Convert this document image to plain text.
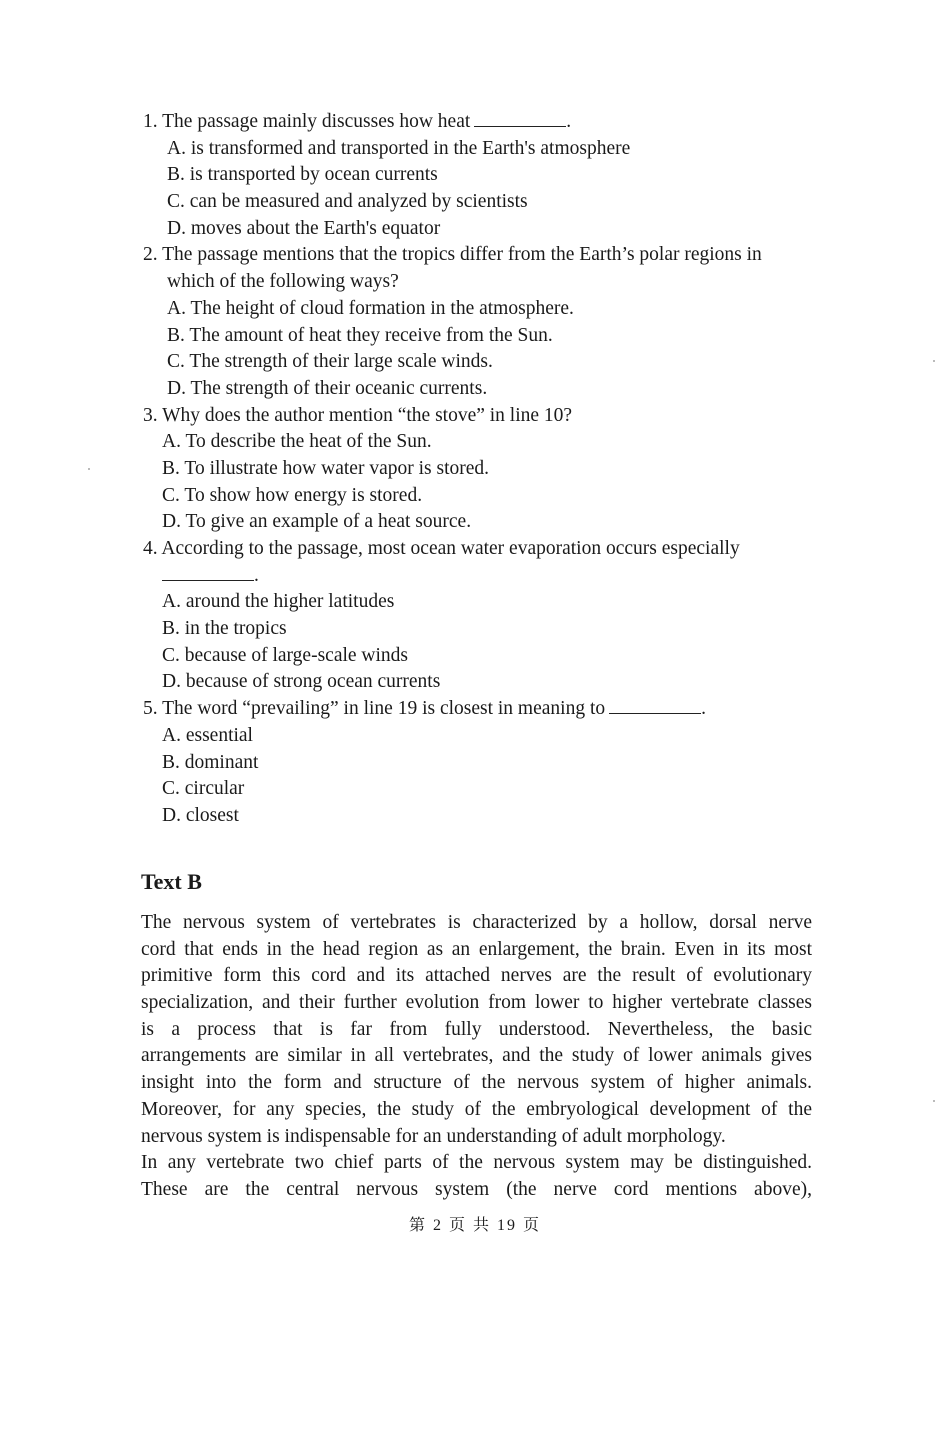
1. The passage mainly discusses how heat	.
A. is transformed and transported in the Earth's atmosphere
B. is transported by ocean currents
C. can be measured and analyzed by scientists
D. moves about the Earth's equator
2. The passage mentions that the tropics differ from the Earth’s polar regions in
which of the following ways?
A. The height of cloud formation in the atmosphere.
B. The amount of heat they receive from the Sun.
C. The strength of their large scale winds.
D. The strength of their oceanic currents.
3. Why does the author mention “the stove” in line 10?
A. To describe the heat of the Sun.
B. To illustrate how water vapor is stored.
C. To show how energy is stored.
D. To give an example of a heat source.
4. According to the passage, most ocean water evaporation occurs especially
.
A. around the higher latitudes
B. in the tropics
C. because of large-scale winds
D. because of strong ocean currents
5. The word “prevailing” in line 19 is closest in meaning to	.
A. essential
B. dominant
C. circular
D. closest
Text B
The nervous system of vertebrates is characterized by a hollow, dorsal nerve
cord that ends in the head region as an enlargement, the brain. Even in its most
primitive form this cord and its attached nerves are the result of evolutionary
specialization, and their further evolution from lower to higher vertebrate classes
is a process that is far from fully understood. Nevertheless, the basic
arrangements are similar in all vertebrates, and the study of lower animals gives
insight into the form and structure of the nervous system of higher animals.
Moreover, for any species, the study of the embryological development of the
nervous system is indispensable for an understanding of adult morphology.
In any vertebrate two chief parts of the nervous system may be distinguished.
These are the central nervous system (the nerve cord mentions above),
第 2 页 共 19 页
